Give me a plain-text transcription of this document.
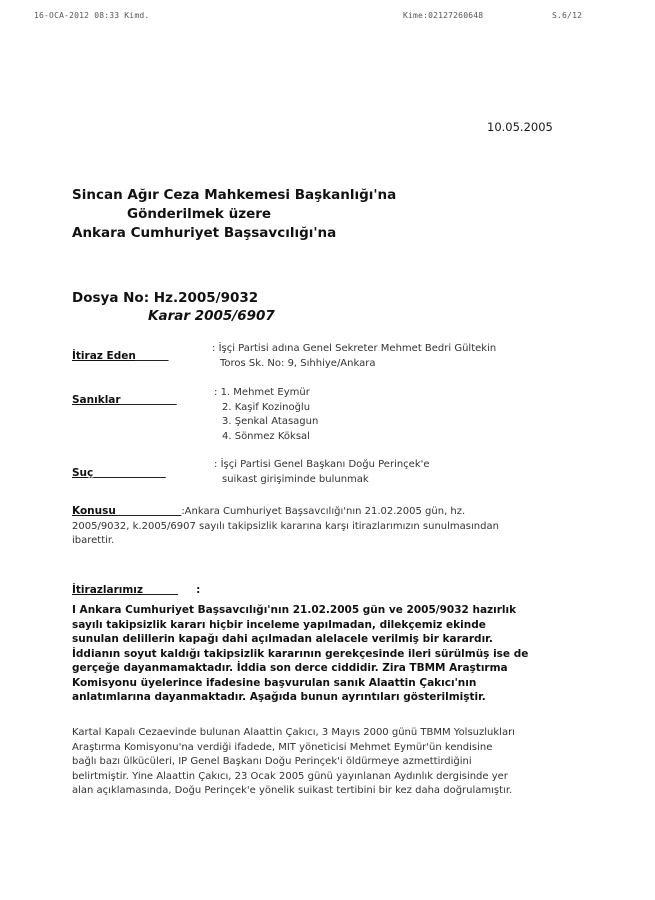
16-OCA-2012 08:33 Kimd.	Kime:02127260648	S.6/12
10.05.2005
Sincan Ağır Ceza Mahkemesi Başkanlığı'na
Gönderilmek üzere
Ankara Cumhuriyet Başsavcılığı'na
Dosya No: Hz.2005/9032
Karar 2005/6907
İtiraz Eden
: İşçi Partisi adına Genel Sekreter Mehmet Bedri Gültekin
Toros Sk. No: 9, Sıhhiye/Ankara
Sanıklar
: 1. Mehmet Eymür
2. Kaşif Kozinoğlu
3. Şenkal Atasagun
4. Sönmez Köksal
Suç
: İşçi Partisi Genel Başkanı Doğu Perinçek'e
suikast girişiminde bulunmak
Konusu	:Ankara Cumhuriyet Başsavcılığı'nın 21.02.2005 gün, hz.
2005/9032, k.2005/6907 sayılı takipsizlik kararına karşı itirazlarımızın sunulmasından
ibarettir.
İtirazlarımız	:
I Ankara Cumhuriyet Başsavcılığı'nın 21.02.2005 gün ve 2005/9032 hazırlık
sayılı takipsizlik kararı hiçbir inceleme yapılmadan, dilekçemiz ekinde
sunulan delillerin kapağı dahi açılmadan alelacele verilmiş bir karardır.
İddianın soyut kaldığı takipsizlik kararının gerekçesinde ileri sürülmüş ise de
gerçeğe dayanmamaktadır. İddia son derce ciddidir. Zira TBMM Araştırma
Komisyonu üyelerince ifadesine başvurulan sanık Alaattin Çakıcı'nın
anlatımlarına dayanmaktadır. Aşağıda bunun ayrıntıları gösterilmiştir.
Kartal Kapalı Cezaevinde bulunan Alaattin Çakıcı, 3 Mayıs 2000 günü TBMM Yolsuzlukları
Araştırma Komisyonu'na verdiği ifadede, MIT yöneticisi Mehmet Eymür'ün kendisine
bağlı bazı ülkücüleri, IP Genel Başkanı Doğu Perinçek'i öldürmeye azmettirdiğini
belirtmiştir. Yine Alaattin Çakıcı, 23 Ocak 2005 günü yayınlanan Aydınlık dergisinde yer
alan açıklamasında, Doğu Perinçek'e yönelik suikast tertibini bir kez daha doğrulamıştır.
